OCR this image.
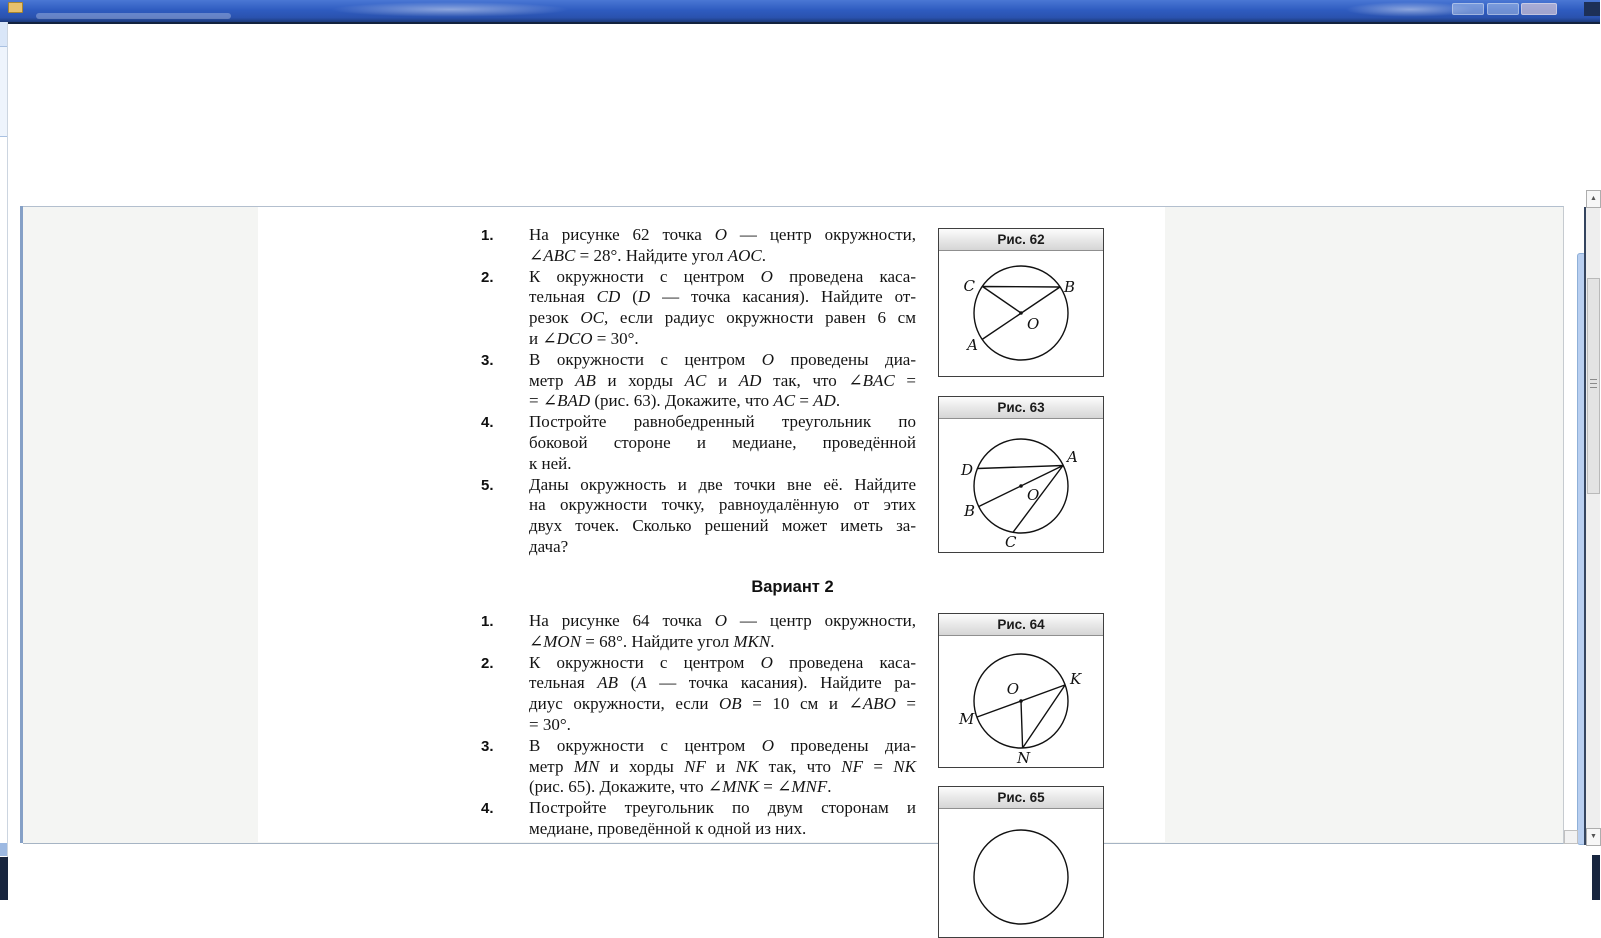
1.	На рисунке 62 точка O — центр окружности,
∠ABC = 28°. Найдите угол AOC.
2.	К окружности с центром O проведена каса-
тельная CD (D — точка касания). Найдите от-
резок OC, если радиус окружности равен 6 см
и ∠DCO = 30°.
3.	В окружности с центром O проведены диа-
метр AB и хорды AC и AD так, что ∠BAC =
= ∠BAD (рис. 63). Докажите, что AC = AD.
4.	Постройте равнобедренный треугольник по
боковой стороне и медиане, проведённой
к ней.
5.	Даны окружность и две точки вне её. Найдите
на окружности точку, равноудалённую от этих
двух точек. Сколько решений может иметь за-
дача?
Вариант 2
1.	На рисунке 64 точка O — центр окружности,
∠MON = 68°. Найдите угол MKN.
2.	К окружности с центром O проведена каса-
тельная AB (A — точка касания). Найдите ра-
диус окружности, если OB = 10 см и ∠ABO =
= 30°.
3.	В окружности с центром O проведены диа-
метр MN и хорды NF и NK так, что NF = NK
(рис. 65). Докажите, что ∠MNK = ∠MNF.
4.	Постройте треугольник по двум сторонам и
медиане, проведённой к одной из них.
Рис. 62
C	B
A
O
Рис. 63
A
D
B
C
O
Рис. 64
O
K
M
N
Рис. 65
▲
▼
